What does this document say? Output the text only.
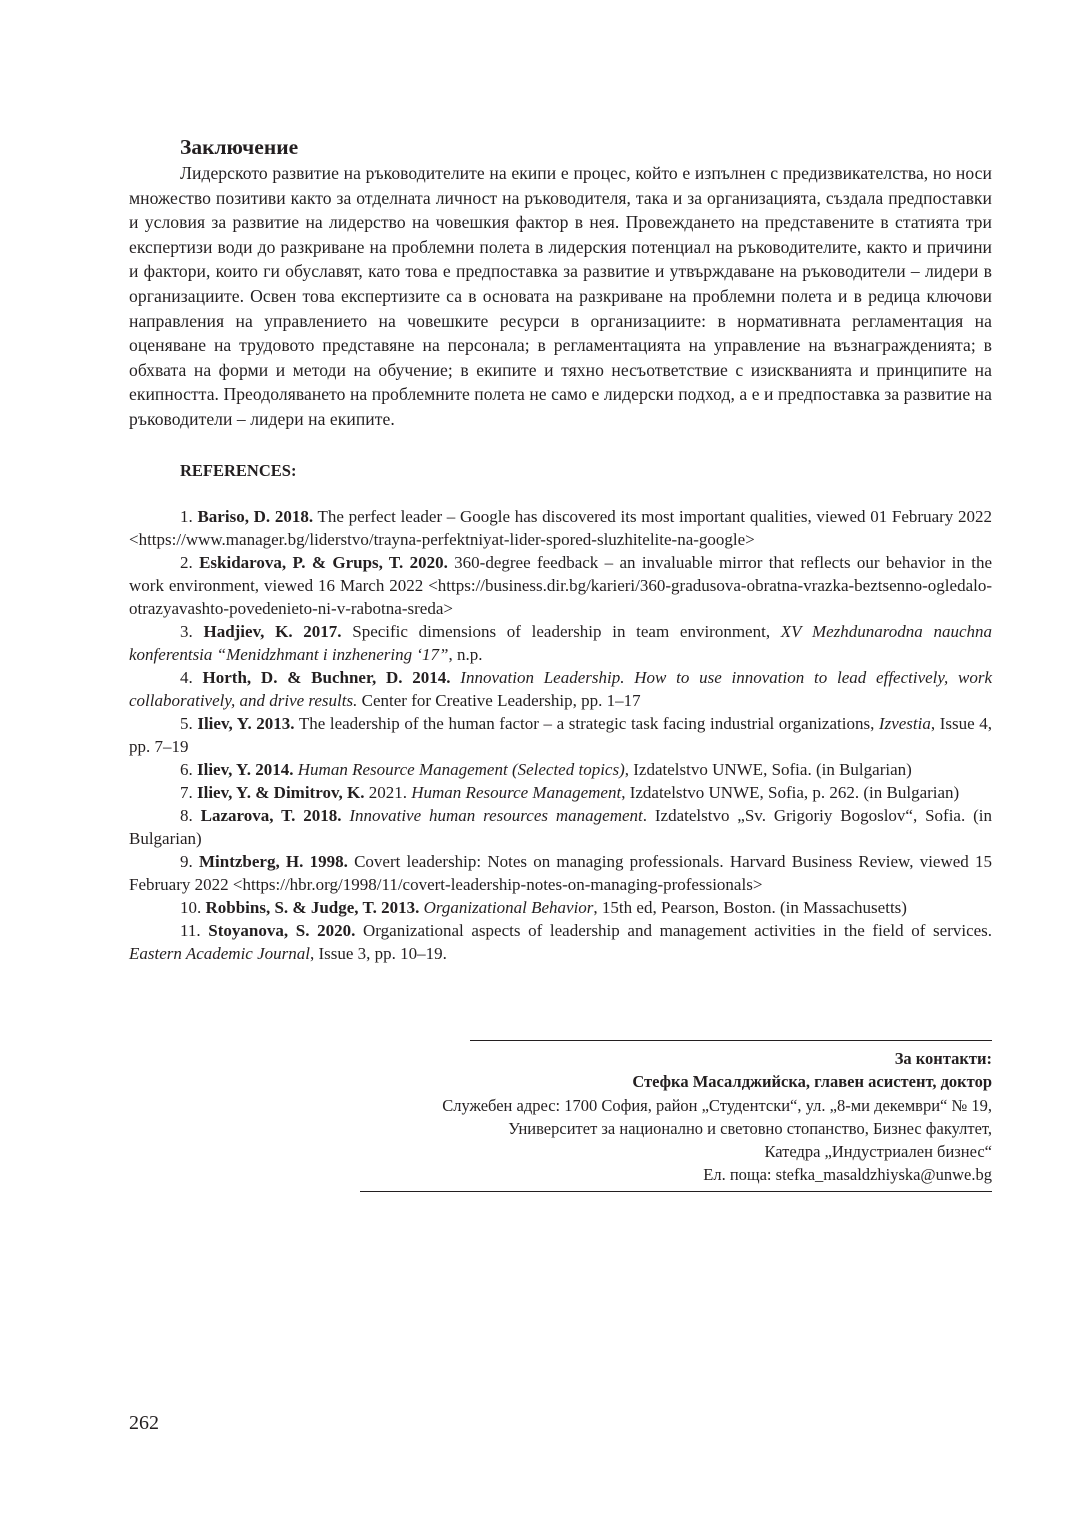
Заключение

Лидерското развитие на ръководителите на екипи е процес, който е изпълнен с предизвикателства, но носи множество позитиви както за отделната личност на ръководителя, така и за организацията, създала предпоставки и условия за развитие на лидерство на човешкия фактор в нея. Провеждането на представените в статията три експертизи води до разкриване на проблемни полета в лидерския потенциал на ръководителите, както и причини и фактори, които ги обуславят, като това е предпоставка за развитие и утвърждаване на ръководители – лидери в организациите. Освен това експертизите са в основата на разкриване на проблемни полета и в редица ключови направления на управлението на човешките ресурси в организациите: в нормативната регламентация на оценяване на трудовото представяне на персонала; в регламентацията на управление на възнагражденията; в обхвата на форми и методи на обучение; в екипите и тяхно несъответствие с изискванията и принципите на екипността. Преодоляването на проблемните полета не само е лидерски подход, а е и предпоставка за развитие на ръководители – лидери на екипите.

REFERENCES:

1. Bariso, D. 2018. The perfect leader – Google has discovered its most important qualities, viewed 01 February 2022 <https://www.manager.bg/liderstvo/trayna-perfektniyat-lider-spored-sluzhitelite-na-google>

2. Eskidarova, P. & Grups, T. 2020. 360-degree feedback – an invaluable mirror that reflects our behavior in the work environment, viewed 16 March 2022 <https://business.dir.bg/karieri/360-gradusova-obratna-vrazka-beztsenno-ogledalo-otrazyavashto-povedenieto-ni-v-rabotna-sreda>

3. Hadjiev, K. 2017. Specific dimensions of leadership in team environment, XV Mezhdunarodna nauchna konferentsia “Menidzhmant i inzhenering ‘17”, n.p.

4. Horth, D. & Buchner, D. 2014. Innovation Leadership. How to use innovation to lead effectively, work collaboratively, and drive results. Center for Creative Leadership, pp. 1–17

5. Iliev, Y. 2013. The leadership of the human factor – a strategic task facing industrial organizations, Izvestia, Issue 4, pp. 7–19

6. Iliev, Y. 2014. Human Resource Management (Selected topics), Izdatelstvo UNWE, Sofia. (in Bulgarian)

7. Iliev, Y. & Dimitrov, K. 2021. Human Resource Management, Izdatelstvo UNWE, Sofia, p. 262. (in Bulgarian)

8. Lazarova, T. 2018. Innovative human resources management. Izdatelstvo „Sv. Grigoriy Bogoslov“, Sofia. (in Bulgarian)

9. Mintzberg, H. 1998. Covert leadership: Notes on managing professionals. Harvard Business Review, viewed 15 February 2022 <https://hbr.org/1998/11/covert-leadership-notes-on-managing-professionals>

10. Robbins, S. & Judge, T. 2013. Organizational Behavior, 15th ed, Pearson, Boston. (in Massachusetts)

11. Stoyanova, S. 2020. Organizational aspects of leadership and management activities in the field of services. Eastern Academic Journal, Issue 3, pp. 10–19.

За контакти:
Стефка Масалджийска, главен асистент, доктор
Служебен адрес: 1700 София, район „Студентски“, ул. „8-ми декември“ № 19,
Университет за национално и световно стопанство, Бизнес факултет,
Катедра „Индустриален бизнес“
Ел. поща: stefka_masaldzhiyska@unwe.bg
262
